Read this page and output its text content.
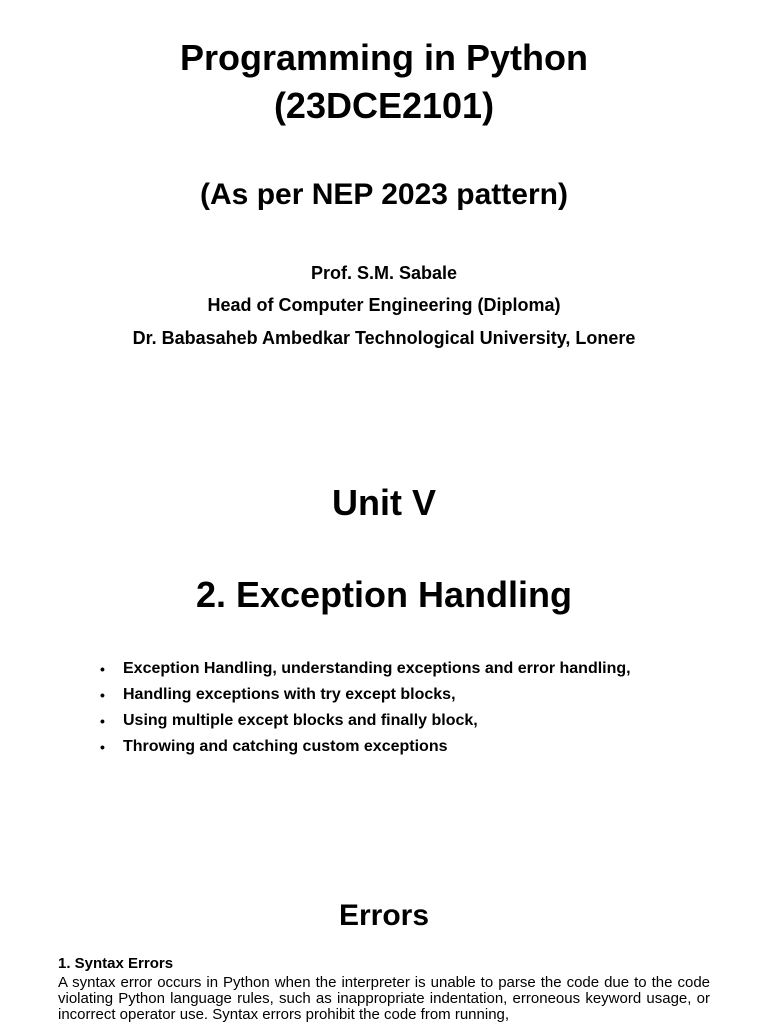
Programming in Python
(23DCE2101)
(As per NEP 2023 pattern)
Prof. S.M. Sabale
Head of Computer Engineering (Diploma)
Dr. Babasaheb Ambedkar Technological University, Lonere
Unit V
2. Exception Handling
• Exception Handling, understanding exceptions and error handling,
• Handling exceptions with try except blocks,
• Using multiple except blocks and finally block,
• Throwing and catching custom exceptions
Errors
1. Syntax Errors

A syntax error occurs in Python when the interpreter is unable to parse the code due to the code violating Python language rules, such as inappropriate indentation, erroneous keyword usage, or incorrect operator use. Syntax errors prohibit the code from running,
